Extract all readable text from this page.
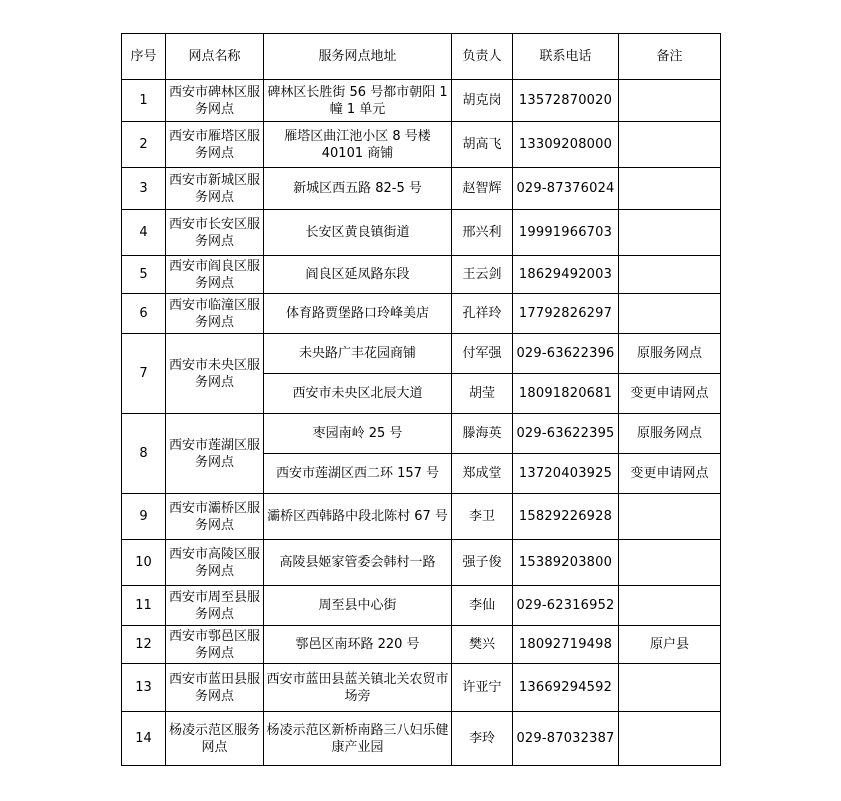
序号	网点名称	服务网点地址	负责人	联系电话	备注
1	西安市碑林区服务网点	碑林区长胜街 56 号都市朝阳 1 幢 1 单元	胡克岗	13572870020	
2	西安市雁塔区服务网点	雁塔区曲江池小区 8 号楼 40101 商铺	胡高飞	13309208000	
3	西安市新城区服务网点	新城区西五路 82-5 号	赵智辉	029-87376024	
4	西安市长安区服务网点	长安区黄良镇街道	邢兴利	19991966703	
5	西安市阎良区服务网点	阎良区延凤路东段	王云剑	18629492003	
6	西安市临潼区服务网点	体育路贾堡路口玲峰美店	孔祥玲	17792826297	
7	西安市未央区服务网点	未央路广丰花园商铺	付军强	029-63622396	原服务网点
		西安市未央区北辰大道	胡莹	18091820681	变更申请网点
8	西安市莲湖区服务网点	枣园南岭 25 号	滕海英	029-63622395	原服务网点
		西安市莲湖区西二环 157 号	郑成堂	13720403925	变更申请网点
9	西安市灞桥区服务网点	灞桥区西韩路中段北陈村 67 号	李卫	15829226928	
10	西安市高陵区服务网点	高陵县姬家管委会韩村一路	强子俊	15389203800	
11	西安市周至县服务网点	周至县中心街	李仙	029-62316952	
12	西安市鄠邑区服务网点	鄠邑区南环路 220 号	樊兴	18092719498	原户县
13	西安市蓝田县服务网点	西安市蓝田县蓝关镇北关农贸市场旁	许亚宁	13669294592	
14	杨凌示范区服务网点	杨凌示范区新桥南路三八妇乐健康产业园	李玲	029-87032387	
